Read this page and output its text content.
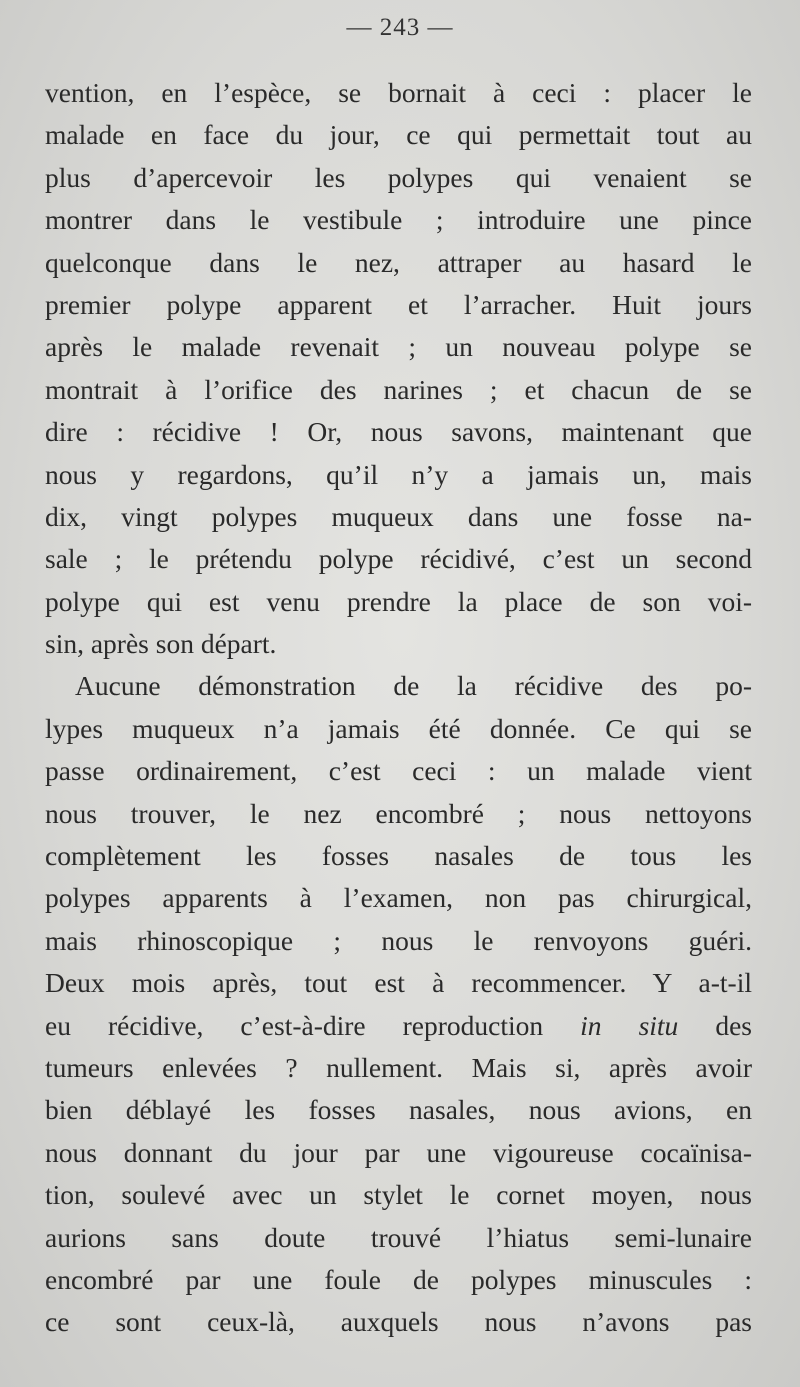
— 243 —
vention, en l’espèce, se bornait à ceci : placer le
malade en face du jour, ce qui permettait tout au
plus d’apercevoir les polypes qui venaient se
montrer dans le vestibule ; introduire une pince
quelconque dans le nez, attraper au hasard le
premier polype apparent et l’arracher. Huit jours
après le malade revenait ; un nouveau polype se
montrait à l’orifice des narines ; et chacun de se
dire : récidive ! Or, nous savons, maintenant que
nous y regardons, qu’il n’y a jamais un, mais
dix, vingt polypes muqueux dans une fosse na-
sale ; le prétendu polype récidivé, c’est un second
polype qui est venu prendre la place de son voi-
sin, après son départ.
Aucune démonstration de la récidive des po-
lypes muqueux n’a jamais été donnée. Ce qui se
passe ordinairement, c’est ceci : un malade vient
nous trouver, le nez encombré ; nous nettoyons
complètement les fosses nasales de tous les
polypes apparents à l’examen, non pas chirurgical,
mais rhinoscopique ; nous le renvoyons guéri.
Deux mois après, tout est à recommencer. Y a-t-il
eu récidive, c’est-à-dire reproduction in situ des
tumeurs enlevées ? nullement. Mais si, après avoir
bien déblayé les fosses nasales, nous avions, en
nous donnant du jour par une vigoureuse cocaïnisa-
tion, soulevé avec un stylet le cornet moyen, nous
aurions sans doute trouvé l’hiatus semi-lunaire
encombré par une foule de polypes minuscules :
ce sont ceux-là, auxquels nous n’avons pas
